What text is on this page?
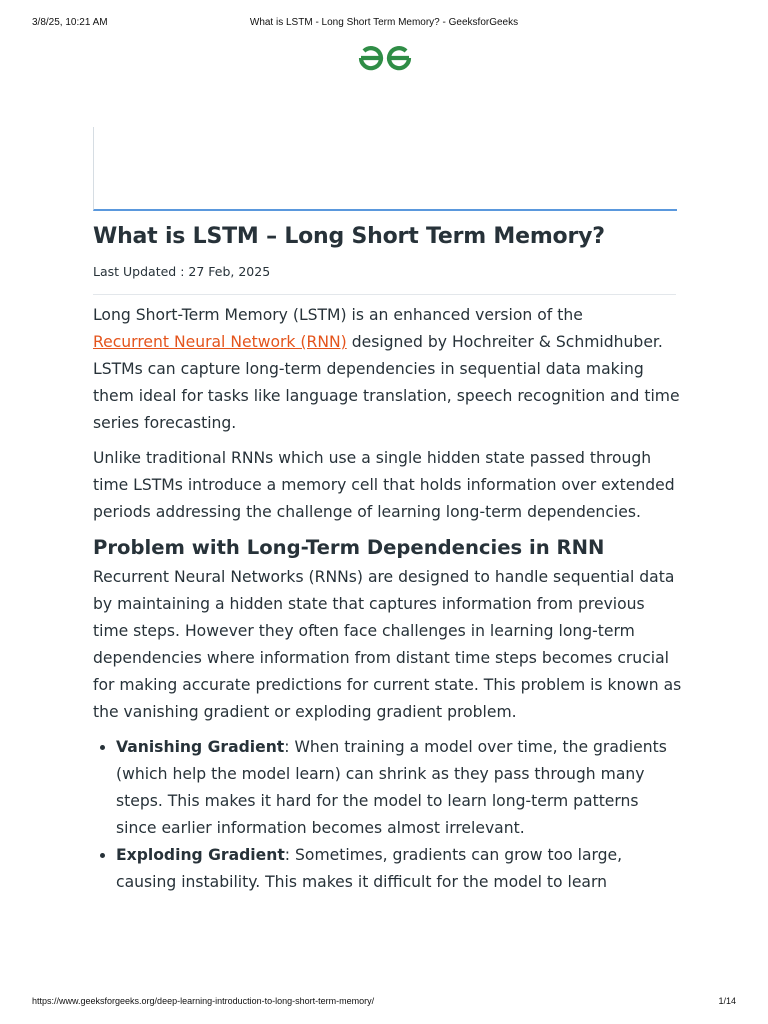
3/8/25, 10:21 AM	What is LSTM - Long Short Term Memory? - GeeksforGeeks
What is LSTM – Long Short Term Memory?
Last Updated : 27 Feb, 2025

Long Short-Term Memory (LSTM) is an enhanced version of the
Recurrent Neural Network (RNN) designed by Hochreiter & Schmidhuber. LSTMs can capture long-term dependencies in sequential data making them ideal for tasks like language translation, speech recognition and time series forecasting.

Unlike traditional RNNs which use a single hidden state passed through time LSTMs introduce a memory cell that holds information over extended periods addressing the challenge of learning long-term dependencies.

Problem with Long-Term Dependencies in RNN

Recurrent Neural Networks (RNNs) are designed to handle sequential data by maintaining a hidden state that captures information from previous time steps. However they often face challenges in learning long-term dependencies where information from distant time steps becomes crucial for making accurate predictions for current state. This problem is known as the vanishing gradient or exploding gradient problem.

• Vanishing Gradient: When training a model over time, the gradients (which help the model learn) can shrink as they pass through many steps. This makes it hard for the model to learn long-term patterns since earlier information becomes almost irrelevant.
• Exploding Gradient: Sometimes, gradients can grow too large, causing instability. This makes it difficult for the model to learn
https://www.geeksforgeeks.org/deep-learning-introduction-to-long-short-term-memory/	1/14
